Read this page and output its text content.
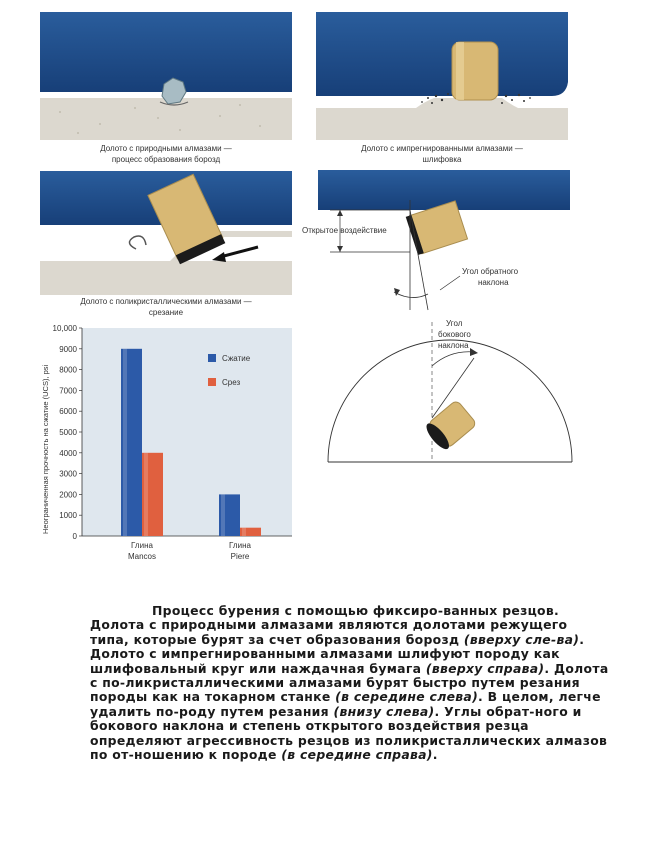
Долото с природными алмазами —
процесс образования борозд
Долото с импрегнированными алмазами —
шлифовка
Долото с поликристаллическими алмазами —
срезание
Открытое воздействие
Угол обратного
наклона
Угол
бокового
наклона
0
1000
2000
3000
4000
5000
6000
7000
8000
9000
10,000
Глина
Mancos
Глина
Piere
Неограниченная прочность на сжатие (UCS), psi
Сжатие
Срез

Процесс бурения с помощью фиксиро-ванных резцов. Долота с природными алмазами являются долотами режущего типа, которые бурят за счет образования борозд (вверху сле-ва). Долото с импрегнированными алмазами шлифуют породу как шлифовальный круг или наждачная бумага (вверху справа). Долота с по-ликристаллическими алмазами бурят быстро путем резания породы как на токарном станке (в середине слева). В целом, легче удалить по-роду путем резания (внизу слева). Углы обрат-ного и бокового наклона и степень открытого воздействия резца определяют агрессивность резцов из поликристаллических алмазов по от-ношению к породе (в середине справа).
